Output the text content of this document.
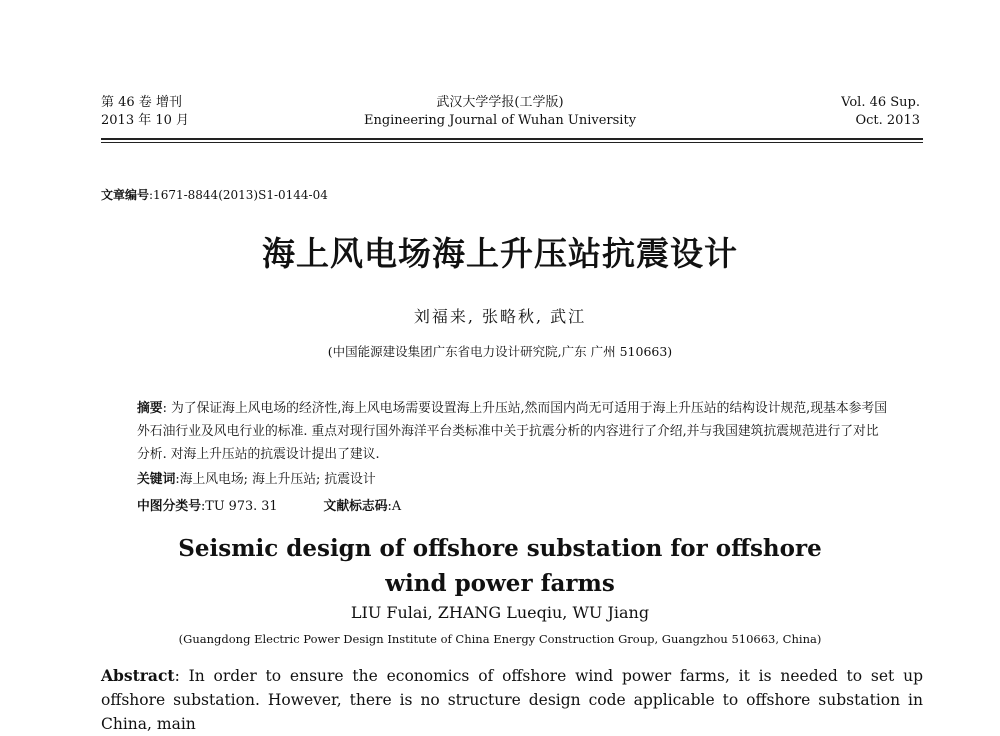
第 46 卷 增刊
2013 年 10 月
武汉大学学报(工学版)
Engineering Journal of Wuhan University
Vol. 46 Sup.
Oct. 2013
文章编号:1671-8844(2013)S1-0144-04
海上风电场海上升压站抗震设计
刘福来, 张略秋, 武江
(中国能源建设集团广东省电力设计研究院,广东 广州 510663)
摘要: 为了保证海上风电场的经济性,海上风电场需要设置海上升压站,然而国内尚无可适用于海上升压站的结构设计规范,现基本参考国外石油行业及风电行业的标准. 重点对现行国外海洋平台类标准中关于抗震分析的内容进行了介绍,并与我国建筑抗震规范进行了对比分析. 对海上升压站的抗震设计提出了建议.
关键词:海上风电场; 海上升压站; 抗震设计
中图分类号:TU 973. 31	文献标志码:A
Seismic design of offshore substation for offshore
wind power farms
LIU Fulai, ZHANG Lueqiu, WU Jiang
(Guangdong Electric Power Design Institute of China Energy Construction Group, Guangzhou 510663, China)
Abstract: In order to ensure the economics of offshore wind power farms, it is needed to set up offshore substation. However, there is no structure design code applicable to offshore substation in China, main
